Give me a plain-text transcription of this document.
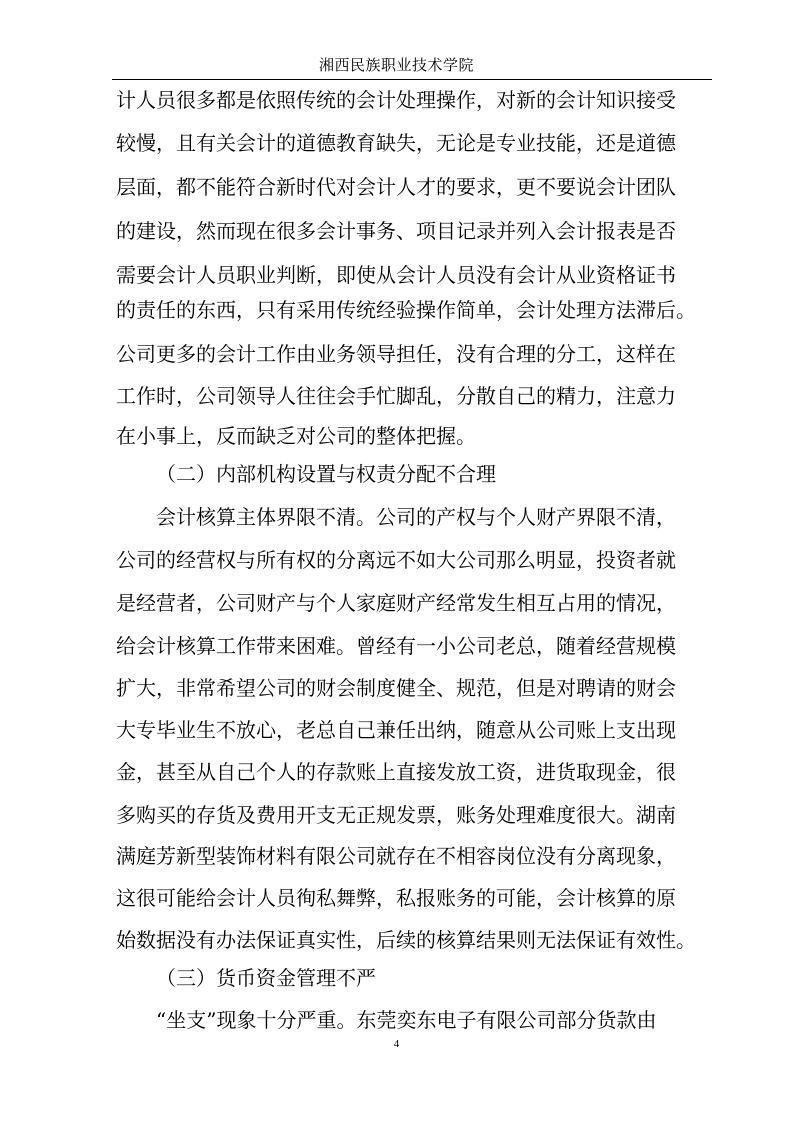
湘西民族职业技术学院
计人员很多都是依照传统的会计处理操作，对新的会计知识接受
较慢，且有关会计的道德教育缺失，无论是专业技能，还是道德
层面，都不能符合新时代对会计人才的要求，更不要说会计团队
的建设，然而现在很多会计事务、项目记录并列入会计报表是否
需要会计人员职业判断，即使从会计人员没有会计从业资格证书
的责任的东西，只有采用传统经验操作简单，会计处理方法滞后。
公司更多的会计工作由业务领导担任，没有合理的分工，这样在
工作时，公司领导人往往会手忙脚乱，分散自己的精力，注意力
在小事上，反而缺乏对公司的整体把握。
（二）内部机构设置与权责分配不合理
会计核算主体界限不清。公司的产权与个人财产界限不清，
公司的经营权与所有权的分离远不如大公司那么明显，投资者就
是经营者，公司财产与个人家庭财产经常发生相互占用的情况，
给会计核算工作带来困难。曾经有一小公司老总，随着经营规模
扩大，非常希望公司的财会制度健全、规范，但是对聘请的财会
大专毕业生不放心，老总自己兼任出纳，随意从公司账上支出现
金，甚至从自己个人的存款账上直接发放工资，进货取现金，很
多购买的存货及费用开支无正规发票，账务处理难度很大。湖南
满庭芳新型装饰材料有限公司就存在不相容岗位没有分离现象，
这很可能给会计人员徇私舞弊，私报账务的可能，会计核算的原
始数据没有办法保证真实性，后续的核算结果则无法保证有效性。
（三）货币资金管理不严
“坐支”现象十分严重。东莞奕东电子有限公司部分货款由
4
